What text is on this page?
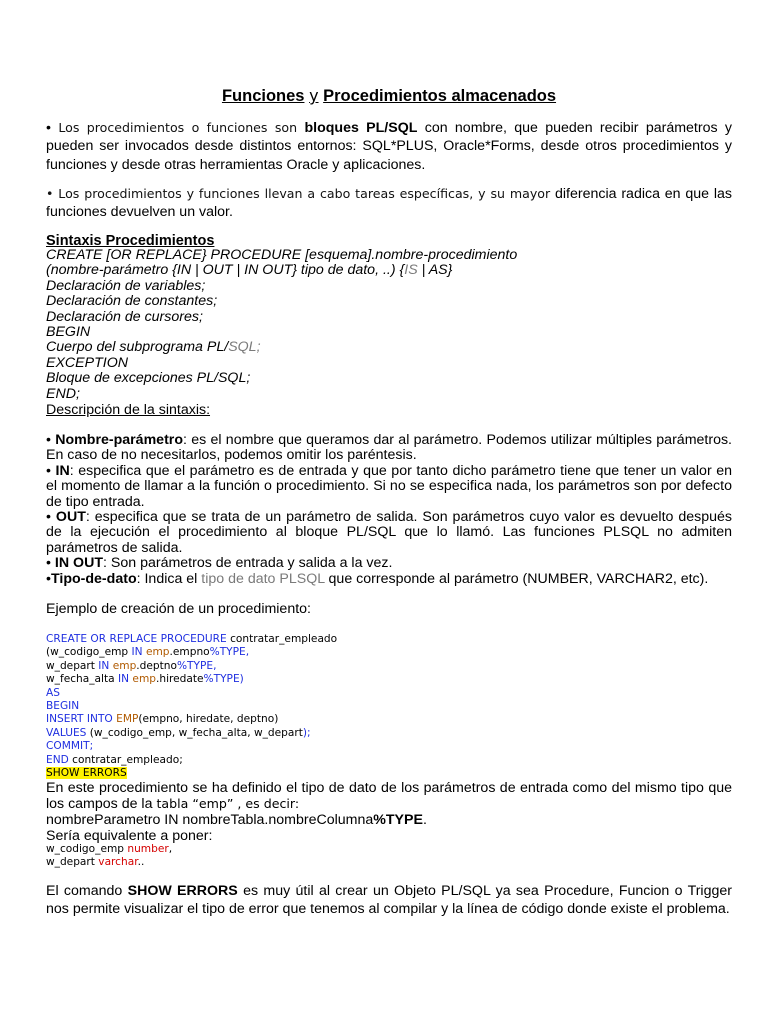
Funciones y Procedimientos almacenados
• Los procedimientos o funciones son bloques PL/SQL con nombre, que pueden recibir parámetros y pueden ser invocados desde distintos entornos: SQL*PLUS, Oracle*Forms, desde otros procedimientos y funciones y desde otras herramientas Oracle y aplicaciones.
• Los procedimientos y funciones llevan a cabo tareas específicas, y su mayor diferencia radica en que las funciones devuelven un valor.
Sintaxis Procedimientos
CREATE [OR REPLACE} PROCEDURE [esquema].nombre-procedimiento
(nombre-parámetro {IN | OUT | IN OUT} tipo de dato, ..) {IS | AS}
Declaración de variables;
Declaración de constantes;
Declaración de cursores;
BEGIN
Cuerpo del subprograma PL/SQL;
EXCEPTION
Bloque de excepciones PL/SQL;
END;
Descripción de la sintaxis:

• Nombre-parámetro: es el nombre que queramos dar al parámetro. Podemos utilizar múltiples parámetros. En caso de no necesitarlos, podemos omitir los paréntesis.

• IN: especifica que el parámetro es de entrada y que por tanto dicho parámetro tiene que tener un valor en el momento de llamar a la función o procedimiento. Si no se especifica nada, los parámetros son por defecto de tipo entrada.

• OUT: especifica que se trata de un parámetro de salida. Son parámetros cuyo valor es devuelto después de la ejecución el procedimiento al bloque PL/SQL que lo llamó. Las funciones PLSQL no admiten parámetros de salida.

• IN OUT: Son parámetros de entrada y salida a la vez.

•Tipo-de-dato: Indica el tipo de dato PLSQL que corresponde al parámetro (NUMBER, VARCHAR2, etc).

Ejemplo de creación de un procedimiento:
CREATE OR REPLACE PROCEDURE contratar_empleado
(w_codigo_emp IN emp.empno%TYPE,
w_depart IN emp.deptno%TYPE,
w_fecha_alta IN emp.hiredate%TYPE)
AS
BEGIN
INSERT INTO EMP(empno, hiredate, deptno)
VALUES (w_codigo_emp, w_fecha_alta, w_depart);
COMMIT;
END contratar_empleado;
SHOW ERRORS
En este procedimiento se ha definido el tipo de dato de los parámetros de entrada como del mismo tipo que los campos de la tabla “emp” , es decir:
nombreParametro IN nombreTabla.nombreColumna%TYPE.
Sería equivalente a poner:
w_codigo_emp number,
w_depart varchar..
El comando SHOW ERRORS es muy útil al crear un Objeto PL/SQL ya sea Procedure, Funcion o Trigger nos permite visualizar el tipo de error que tenemos al compilar y la línea de código donde existe el problema.
